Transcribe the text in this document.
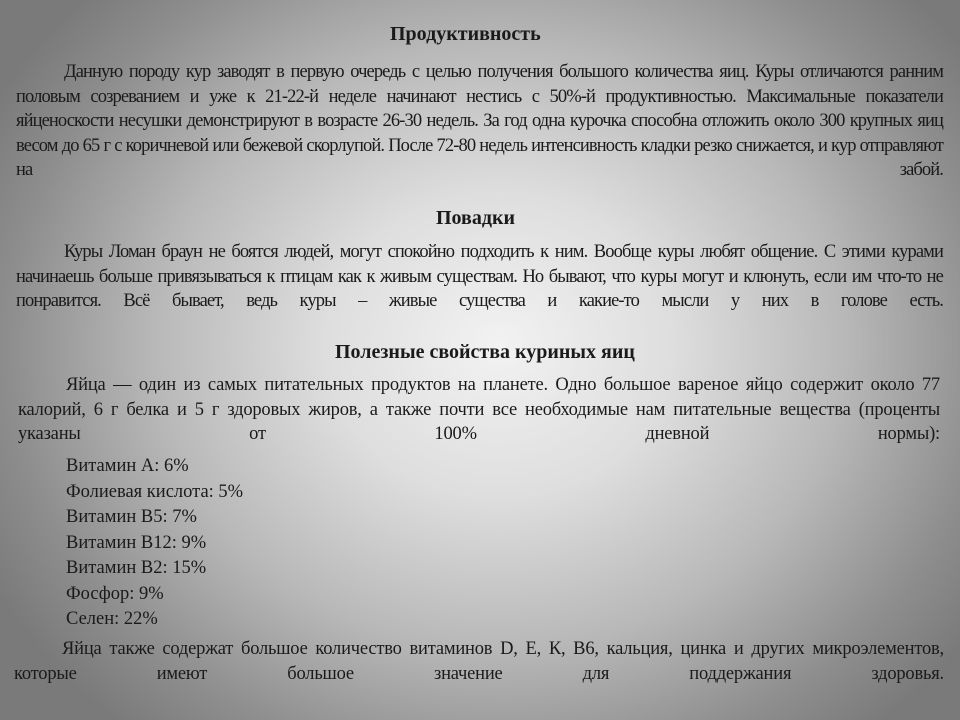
Продуктивность

Данную породу кур заводят в первую очередь с целью получения большого количества яиц. Куры отличаются ранним половым созреванием и уже к 21-22-й неделе начинают нестись с 50%-й продуктивностью. Максимальные показатели яйценоскости несушки демонстрируют в возрасте 26-30 недель. За год одна курочка способна отложить около 300 крупных яиц весом до 65 г с коричневой или бежевой скорлупой. После 72-80 недель интенсивность кладки резко снижается, и кур отправляют на забой.

Повадки

Куры Ломан браун не боятся людей, могут спокойно подходить к ним. Вообще куры любят общение. С этими курами начинаешь больше привязываться к птицам как к живым существам. Но бывают, что куры могут и клюнуть, если им что-то не понравится. Всё бывает, ведь куры – живые существа и какие-то мысли у них в голове есть.

Полезные свойства куриных яиц

Яйца — один из самых питательных продуктов на планете. Одно большое вареное яйцо содержит около 77 калорий, 6 г белка и 5 г здоровых жиров, а также почти все необходимые нам питательные вещества (проценты указаны от 100% дневной нормы):

Витамин А: 6%
Фолиевая кислота: 5%
Витамин B5: 7%
Витамин B12: 9%
Витамин B2: 15%
Фосфор: 9%
Селен: 22%

Яйца также содержат большое количество витаминов D, E, К, B6, кальция, цинка и других микроэлементов, которые имеют большое значение для поддержания здоровья.
